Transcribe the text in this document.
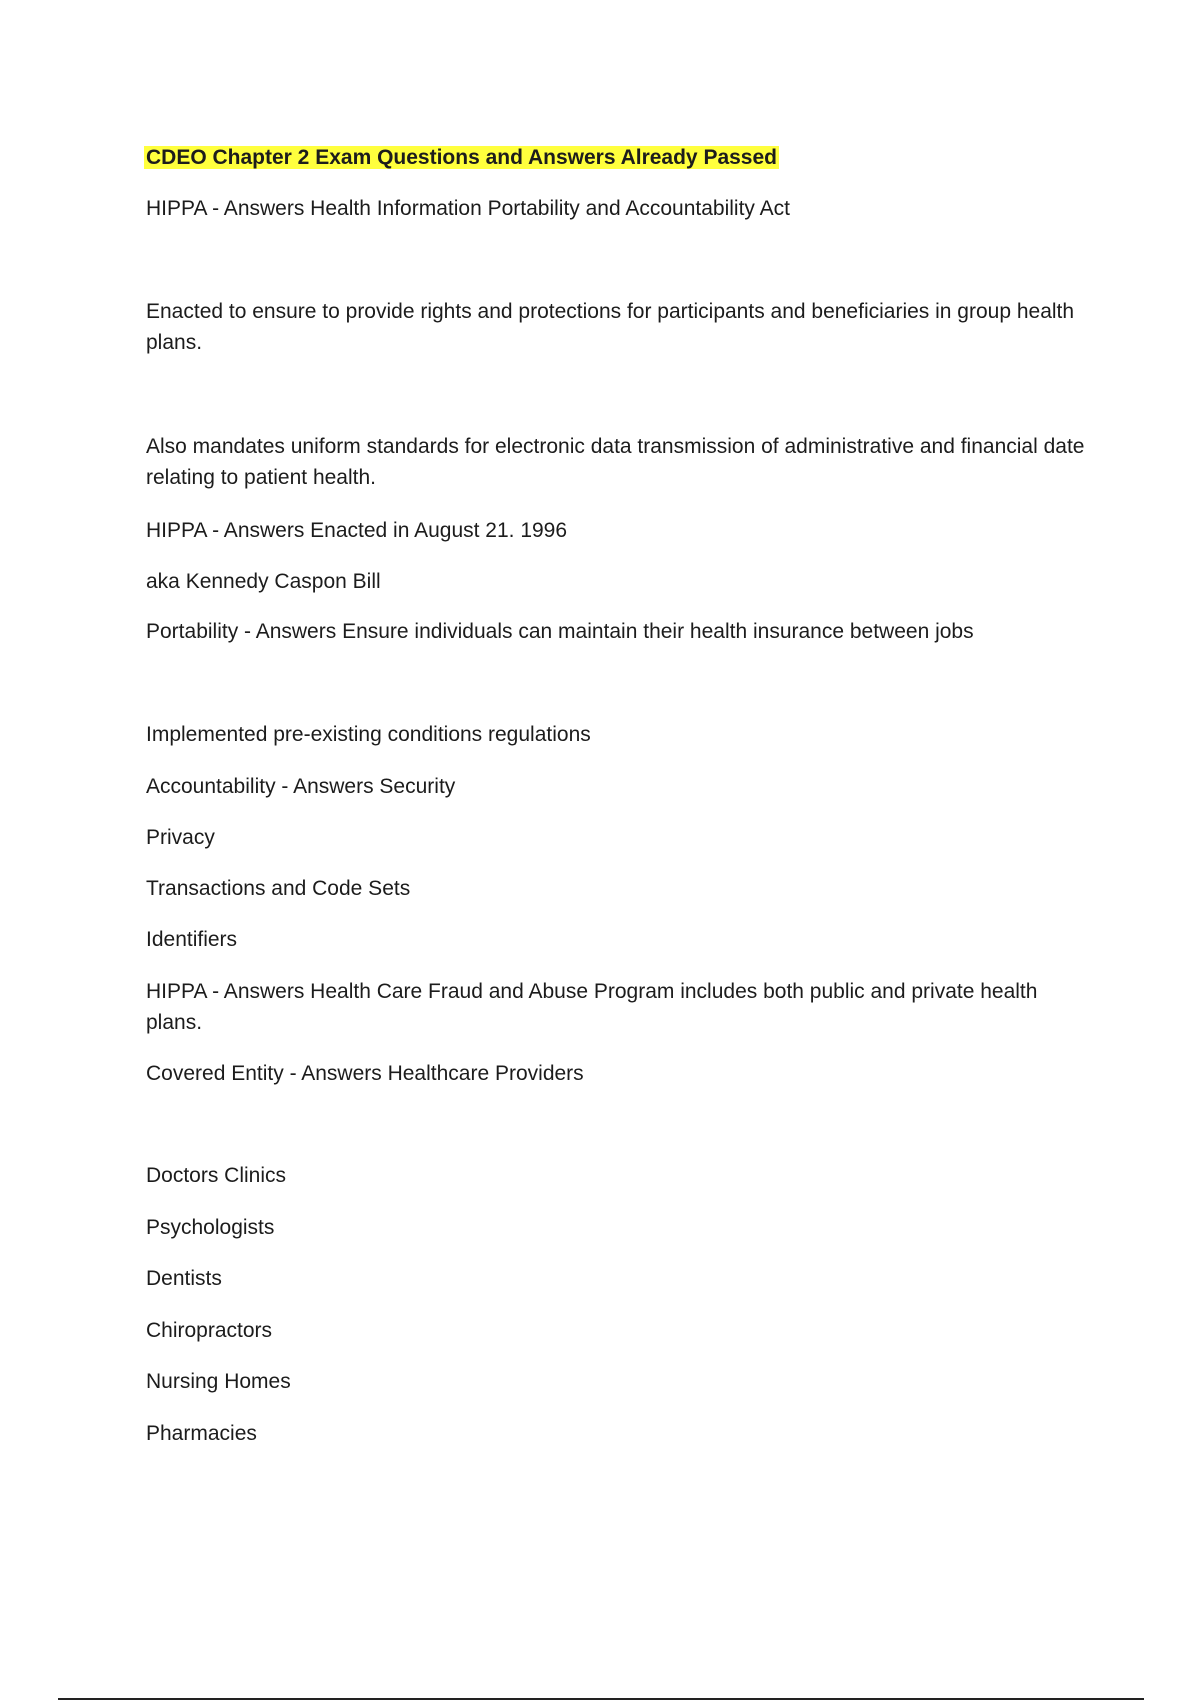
CDEO Chapter 2 Exam Questions and Answers Already Passed
HIPPA - Answers Health Information Portability and Accountability Act
Enacted to ensure to provide rights and protections for participants and beneficiaries in group health plans.
Also mandates uniform standards for electronic data transmission of administrative and financial date relating to patient health.
HIPPA - Answers Enacted in August 21. 1996
aka Kennedy Caspon Bill
Portability - Answers Ensure individuals can maintain their health insurance between jobs
Implemented pre-existing conditions regulations
Accountability - Answers Security
Privacy
Transactions and Code Sets
Identifiers
HIPPA - Answers Health Care Fraud and Abuse Program includes both public and private health plans.
Covered Entity - Answers Healthcare Providers
Doctors Clinics
Psychologists
Dentists
Chiropractors
Nursing Homes
Pharmacies
